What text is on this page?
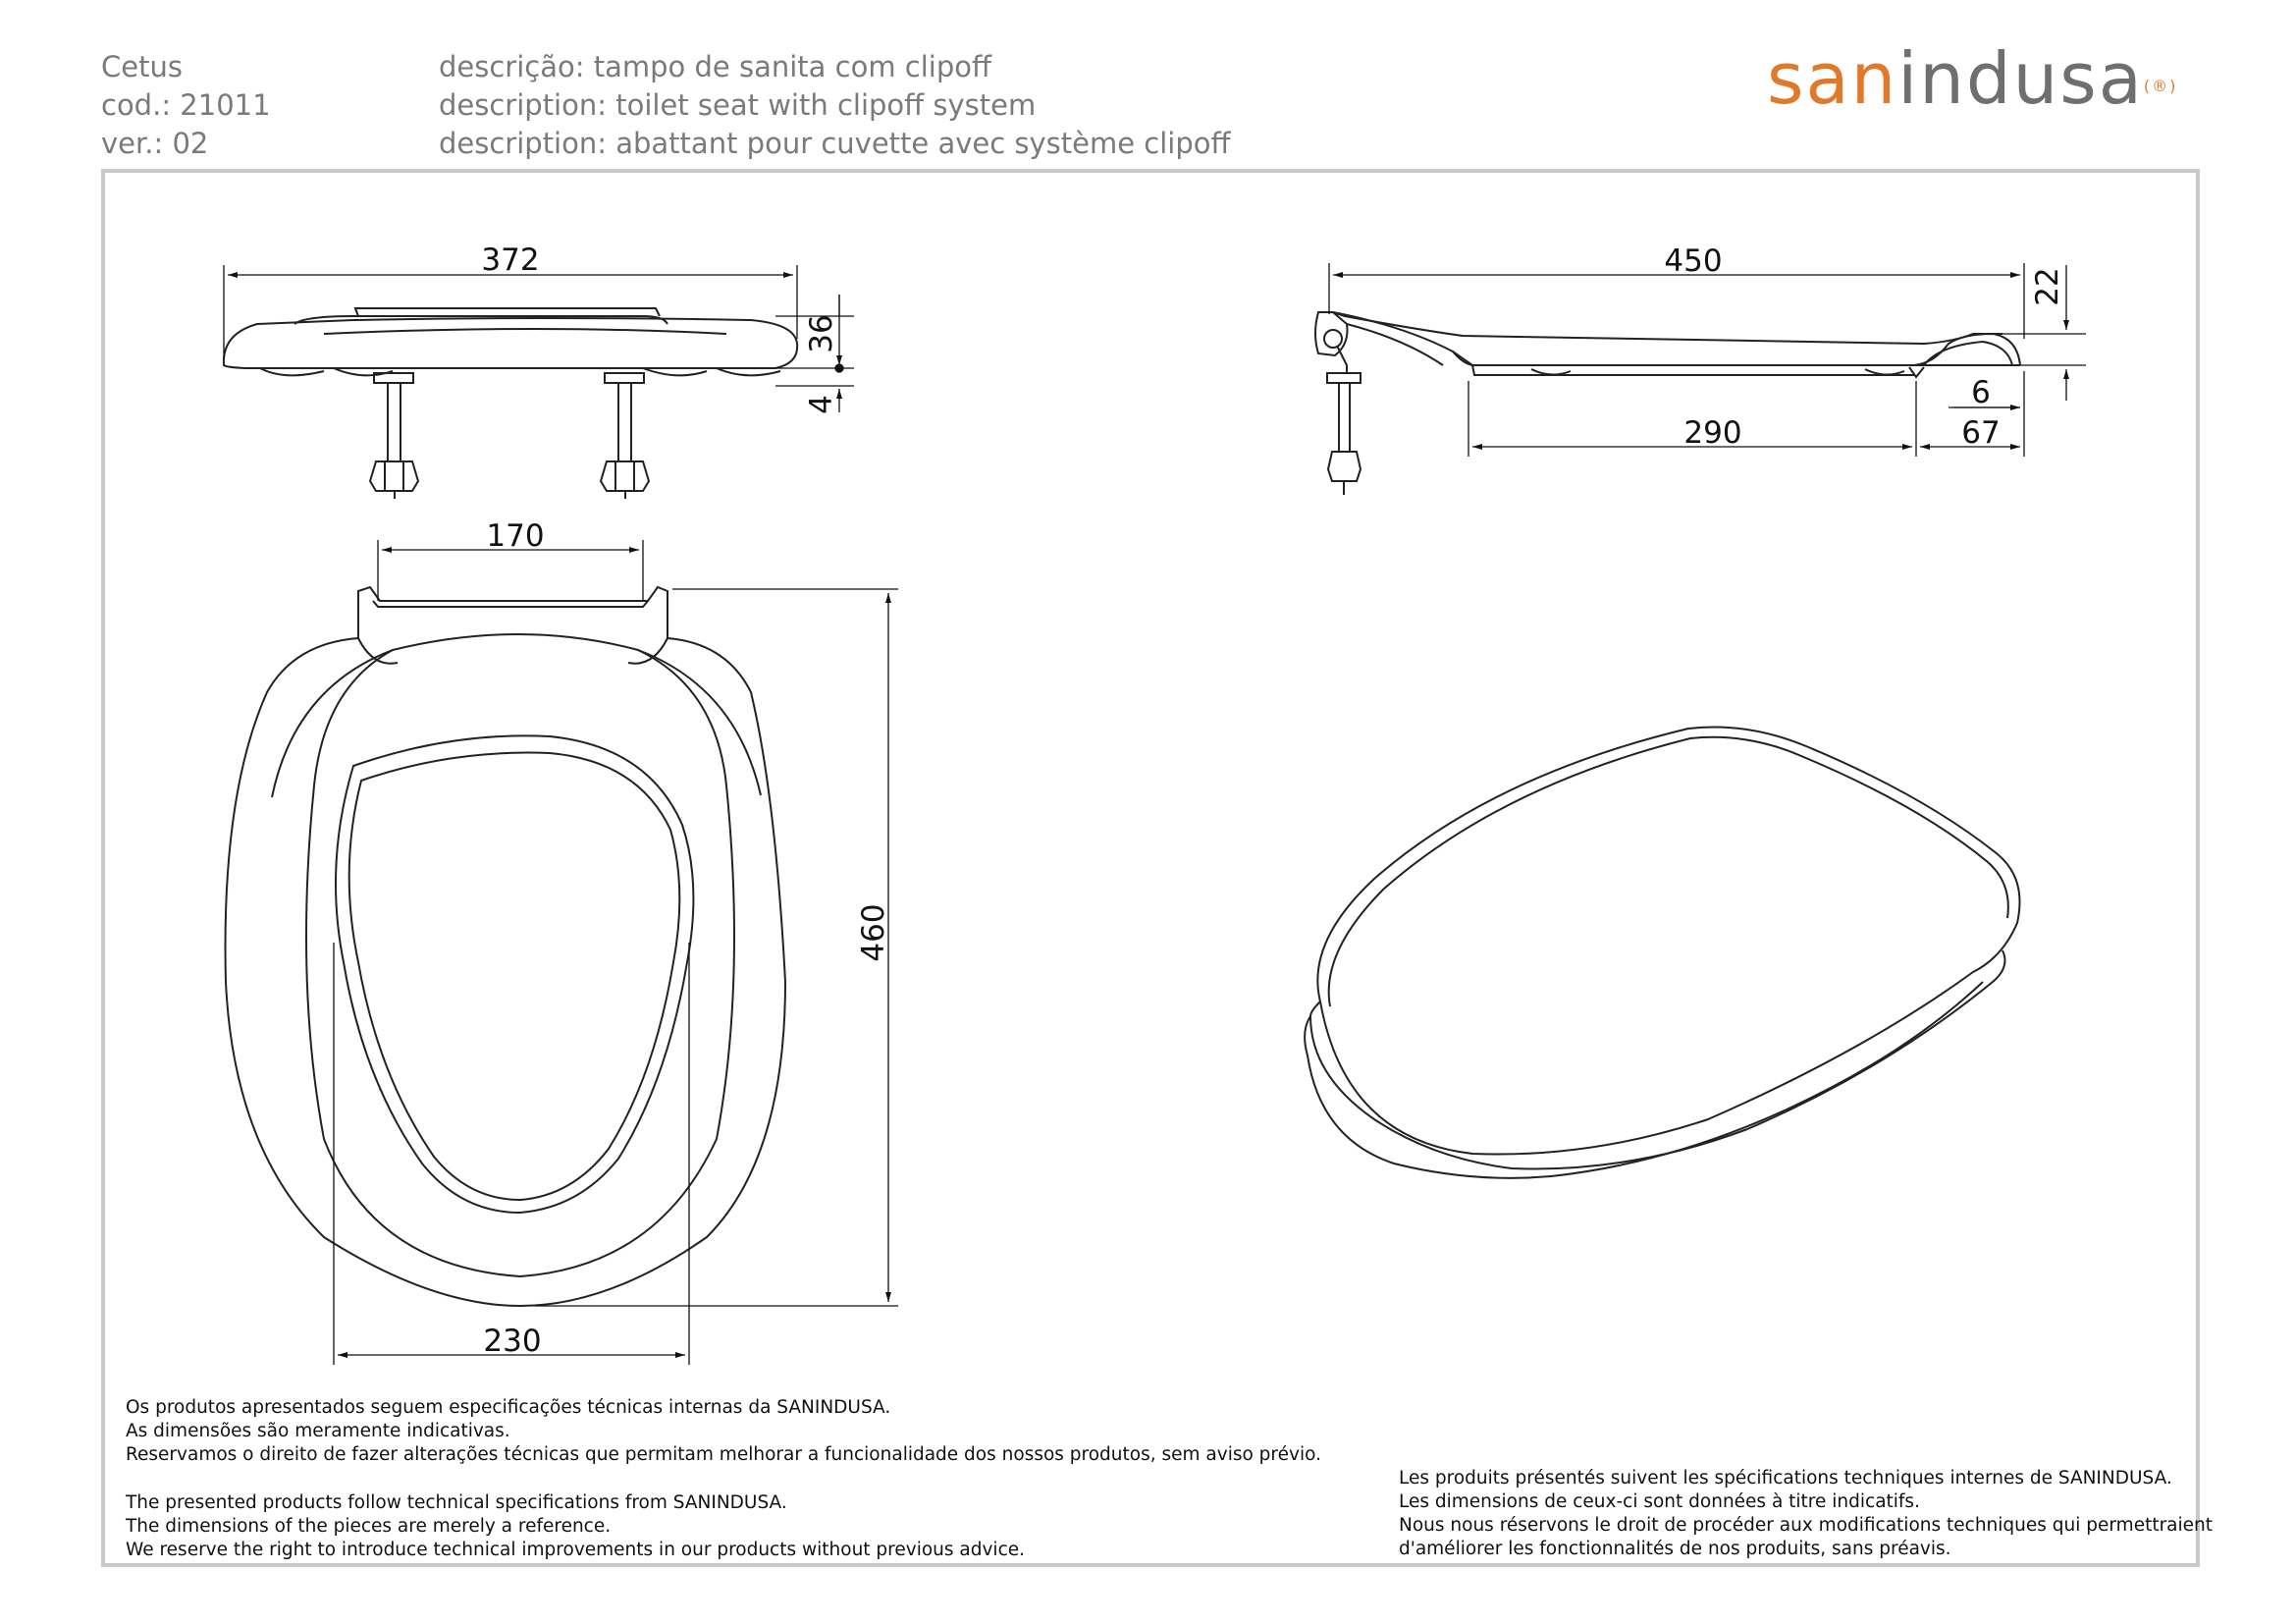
Cetus
cod.: 21011
ver.: 02
descrição: tampo de sanita com clipoff
description: toilet seat with clipoff system
description: abattant pour cuvette avec système clipoff
sanindusa(®)
372
36
4
450
22
6
290	67
170
460
230
Os produtos apresentados seguem especificações técnicas internas da SANINDUSA.
As dimensões são meramente indicativas.
Reservamos o direito de fazer alterações técnicas que permitam melhorar a funcionalidade dos nossos produtos, sem aviso prévio.
The presented products follow technical specifications from SANINDUSA.
The dimensions of the pieces are merely a reference.
We reserve the right to introduce technical improvements in our products without previous advice.
Les produits présentés suivent les spécifications techniques internes de SANINDUSA.
Les dimensions de ceux-ci sont données à titre indicatifs.
Nous nous réservons le droit de procéder aux modifications techniques qui permettraient
d'améliorer les fonctionnalités de nos produits, sans préavis.
